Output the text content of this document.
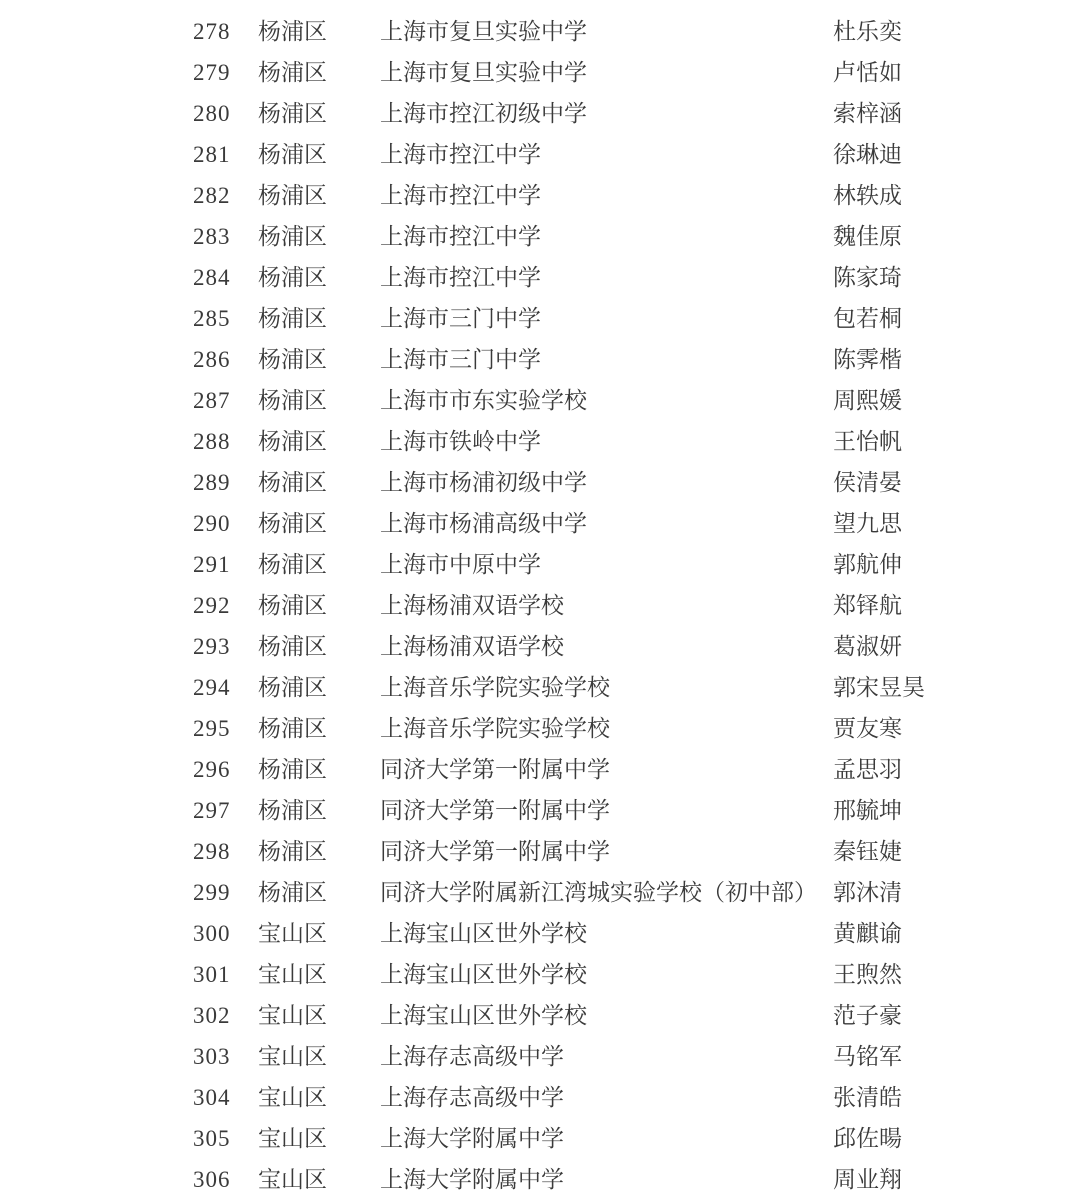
278	杨浦区	上海市复旦实验中学	杜乐奕
279	杨浦区	上海市复旦实验中学	卢恬如
280	杨浦区	上海市控江初级中学	索梓涵
281	杨浦区	上海市控江中学	徐琳迪
282	杨浦区	上海市控江中学	林轶成
283	杨浦区	上海市控江中学	魏佳原
284	杨浦区	上海市控江中学	陈家琦
285	杨浦区	上海市三门中学	包若桐
286	杨浦区	上海市三门中学	陈霁楷
287	杨浦区	上海市市东实验学校	周熙媛
288	杨浦区	上海市铁岭中学	王怡帆
289	杨浦区	上海市杨浦初级中学	侯清晏
290	杨浦区	上海市杨浦高级中学	望九思
291	杨浦区	上海市中原中学	郭航伸
292	杨浦区	上海杨浦双语学校	郑铎航
293	杨浦区	上海杨浦双语学校	葛淑妍
294	杨浦区	上海音乐学院实验学校	郭宋昱昊
295	杨浦区	上海音乐学院实验学校	贾友寒
296	杨浦区	同济大学第一附属中学	孟思羽
297	杨浦区	同济大学第一附属中学	邢毓坤
298	杨浦区	同济大学第一附属中学	秦钰婕
299	杨浦区	同济大学附属新江湾城实验学校（初中部） 郭沐清
300	宝山区	上海宝山区世外学校	黄麒谕
301	宝山区	上海宝山区世外学校	王煦然
302	宝山区	上海宝山区世外学校	范子豪
303	宝山区	上海存志高级中学	马铭军
304	宝山区	上海存志高级中学	张清皓
305	宝山区	上海大学附属中学	邱佐暘
306	宝山区	上海大学附属中学	周业翔
